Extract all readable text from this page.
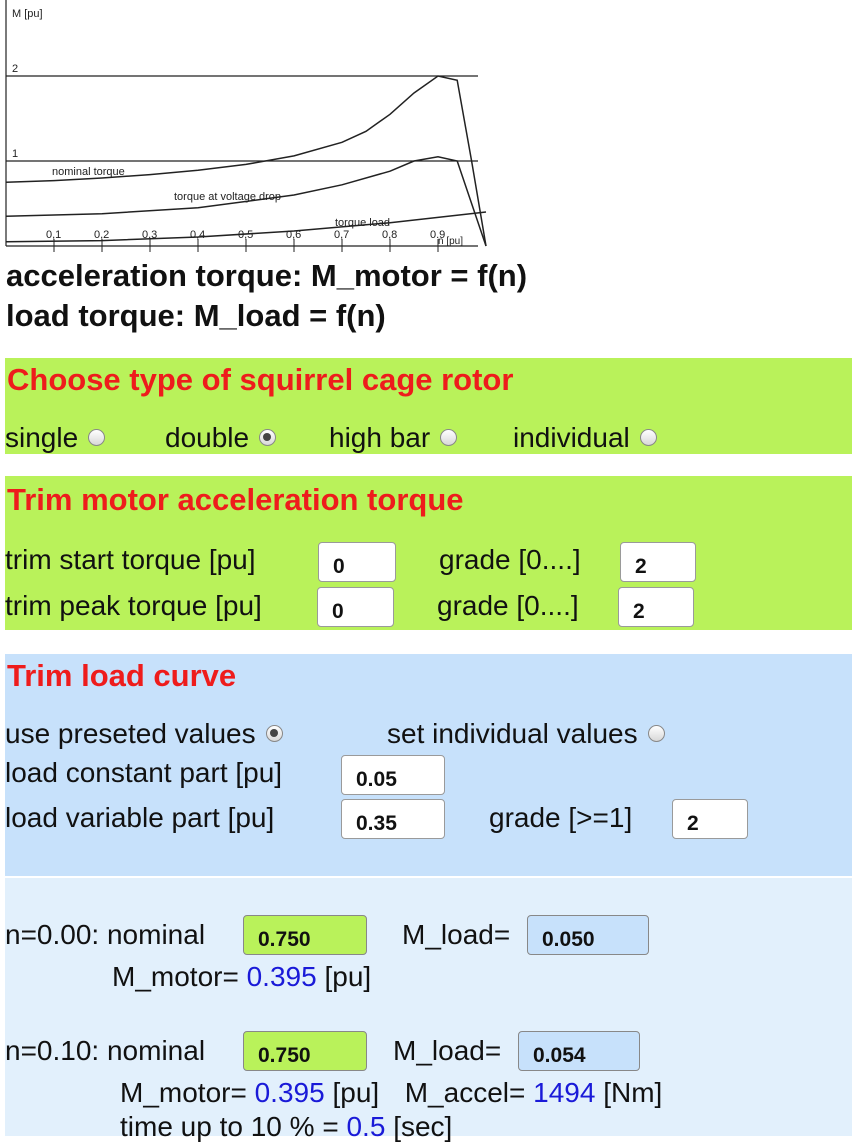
M [pu]
n [pu]
2
1
0,1	0,2	0,3	0,4	0,5	0,6	0,7	0,8	0.9
nominal torque
torque at voltage drop
torque load
acceleration torque: M_motor = f(n)
load torque: M_load = f(n)
Choose type of squirrel cage rotor
single	double	high bar	individual
Trim motor acceleration torque
trim start torque [pu]	0	grade [0....]	2
trim peak torque [pu]	0	grade [0....]	2
Trim load curve
use preseted values	set individual values
load constant part [pu]	0.05
load variable part [pu]	0.35	grade [>=1]	2
n=0.00: nominal	0.750	M_load=	0.050
M_motor= 0.395 [pu]
n=0.10: nominal	0.750	M_load=	0.054
M_motor= 0.395 [pu] M_accel= 1494 [Nm]
time up to 10 % = 0.5 [sec]
